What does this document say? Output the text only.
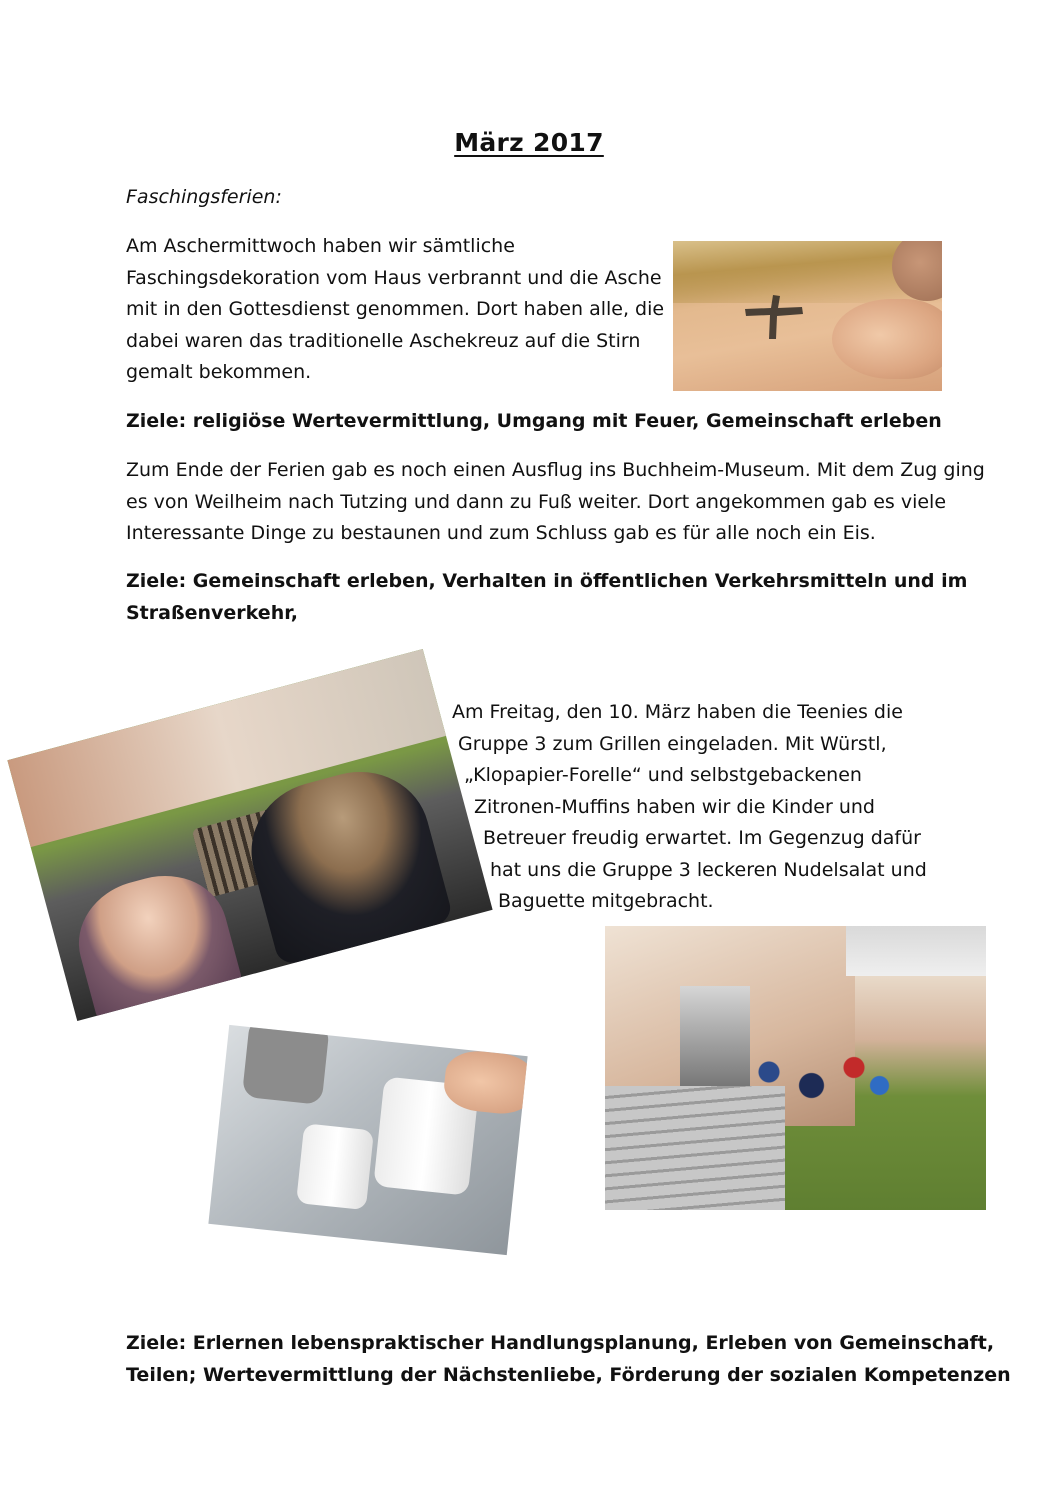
März 2017
Faschingsferien:
Am Aschermittwoch haben wir sämtliche
Faschingsdekoration vom Haus verbrannt und die Asche
mit in den Gottesdienst genommen. Dort haben alle, die
dabei waren das traditionelle Aschekreuz auf die Stirn
gemalt bekommen.
Ziele: religiöse Wertevermittlung, Umgang mit Feuer, Gemeinschaft erleben
Zum Ende der Ferien gab es noch einen Ausflug ins Buchheim-Museum. Mit dem Zug ging
es von Weilheim nach Tutzing und dann zu Fuß weiter. Dort angekommen gab es viele
Interessante Dinge zu bestaunen und zum Schluss gab es für alle noch ein Eis.
Ziele: Gemeinschaft erleben, Verhalten in öffentlichen Verkehrsmitteln und im
Straßenverkehr,
Am Freitag, den 10. März haben die Teenies die
Gruppe 3 zum Grillen eingeladen. Mit Würstl,
„Klopapier-Forelle“ und selbstgebackenen
Zitronen-Muffins haben wir die Kinder und
Betreuer freudig erwartet. Im Gegenzug dafür
hat uns die Gruppe 3 leckeren Nudelsalat und
Baguette mitgebracht.
Ziele: Erlernen lebenspraktischer Handlungsplanung, Erleben von Gemeinschaft,
Teilen; Wertevermittlung der Nächstenliebe, Förderung der sozialen Kompetenzen
